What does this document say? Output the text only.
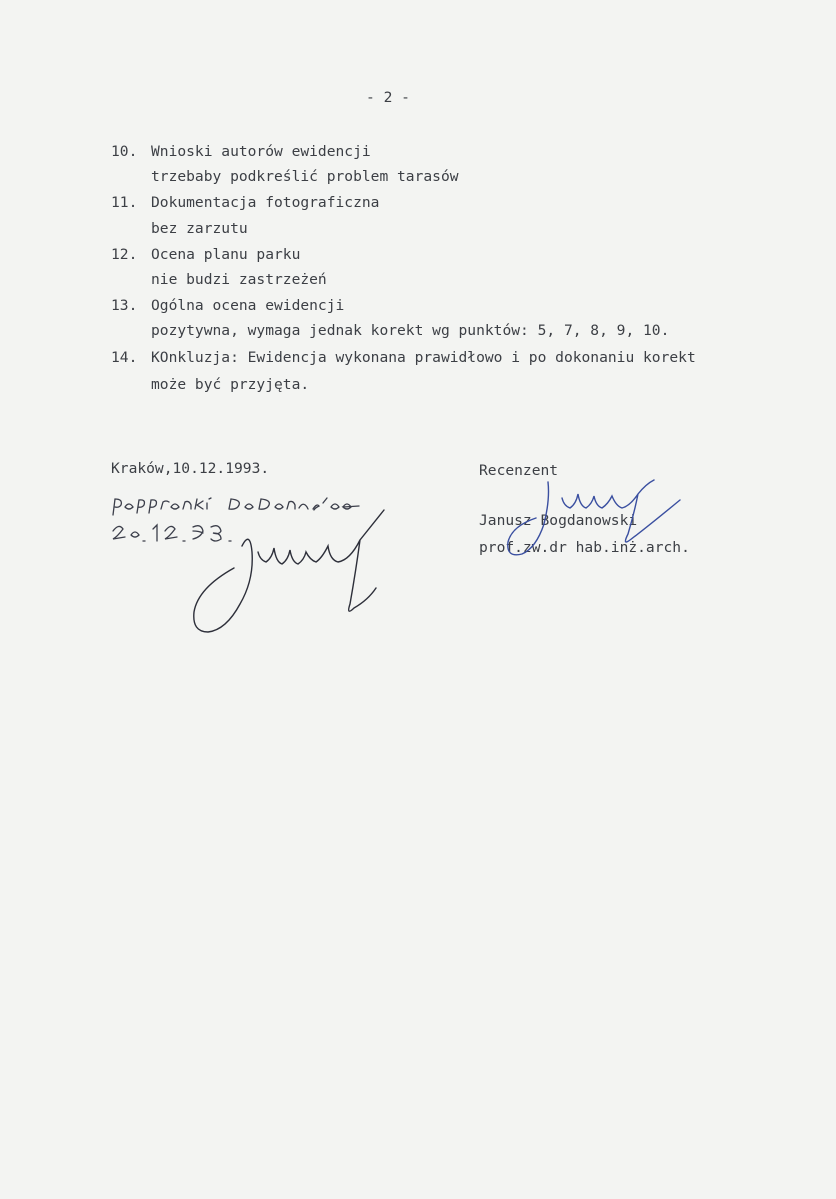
- 2 -
10. Wnioski autorów ewidencji
trzebaby podkreślić problem tarasów
11. Dokumentacja fotograficzna
bez zarzutu
12. Ocena planu parku
nie budzi zastrzeżeń
13. Ogólna ocena ewidencji
pozytywna, wymaga jednak korekt wg punktów: 5, 7, 8, 9, 10.
14. KOnkluzja: Ewidencja wykonana prawidłowo i po dokonaniu korekt
może być przyjęta.
Kraków,10.12.1993.	Recenzent
Janusz Bogdanowski
prof.zw.dr hab.inż.arch.
